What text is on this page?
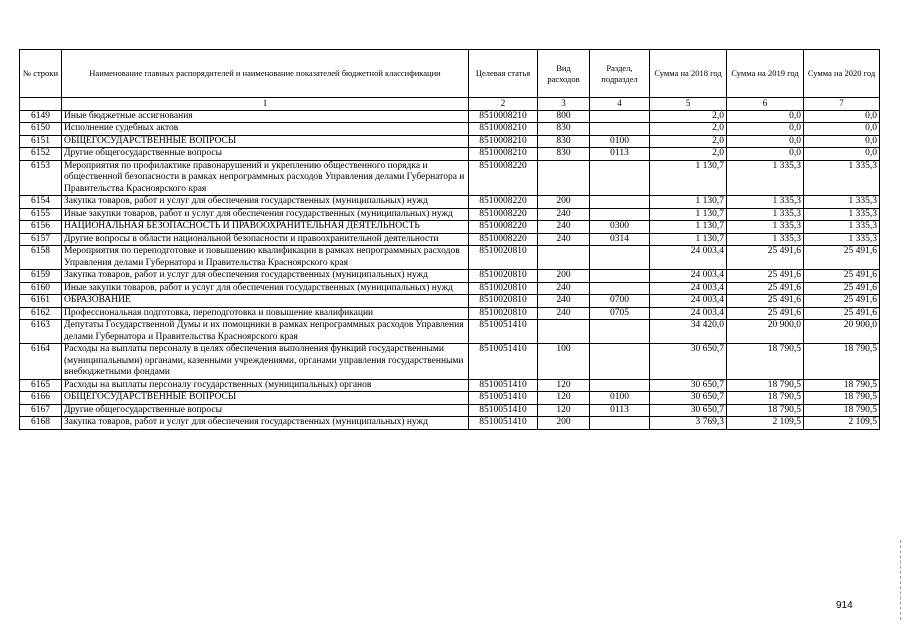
№ строки	Наименование главных распорядителей и наименование показателей бюджетной классификации	Целевая статья	Вид расходов	Раздел, подраздел	Сумма на 2018 год	Сумма на 2019 год	Сумма на 2020 год
	1	2	3	4	5	6	7
6149	Иные бюджетные ассигнования	8510008210	800		2,0	0,0	0,0
6150	Исполнение судебных актов	8510008210	830		2,0	0,0	0,0
6151	ОБЩЕГОСУДАРСТВЕННЫЕ ВОПРОСЫ	8510008210	830	0100	2,0	0,0	0,0
6152	Другие общегосударственные вопросы	8510008210	830	0113	2,0	0,0	0,0
6153	Мероприятия по профилактике правонарушений и укреплению общественного порядка и общественной безопасности в рамках непрограммных расходов Управления делами Губернатора и Правительства Красноярского края	8510008220			1 130,7	1 335,3	1 335,3
6154	Закупка товаров, работ и услуг для обеспечения государственных (муниципальных) нужд	8510008220	200		1 130,7	1 335,3	1 335,3
6155	Иные закупки товаров, работ и услуг для обеспечения государственных (муниципальных) нужд	8510008220	240		1 130,7	1 335,3	1 335,3
6156	НАЦИОНАЛЬНАЯ БЕЗОПАСНОСТЬ И ПРАВООХРАНИТЕЛЬНАЯ ДЕЯТЕЛЬНОСТЬ	8510008220	240	0300	1 130,7	1 335,3	1 335,3
6157	Другие вопросы в области национальной безопасности и правоохранительной деятельности	8510008220	240	0314	1 130,7	1 335,3	1 335,3
6158	Мероприятия по переподготовке и повышению квалификации в рамках непрограммных расходов Управления делами Губернатора и Правительства Красноярского края	8510020810			24 003,4	25 491,6	25 491,6
6159	Закупка товаров, работ и услуг для обеспечения государственных (муниципальных) нужд	8510020810	200		24 003,4	25 491,6	25 491,6
6160	Иные закупки товаров, работ и услуг для обеспечения государственных (муниципальных) нужд	8510020810	240		24 003,4	25 491,6	25 491,6
6161	ОБРАЗОВАНИЕ	8510020810	240	0700	24 003,4	25 491,6	25 491,6
6162	Профессиональная подготовка, переподготовка и повышение квалификации	8510020810	240	0705	24 003,4	25 491,6	25 491,6
6163	Депутаты Государственной Думы и их помощники в рамках непрограммных расходов Управления делами Губернатора и Правительства Красноярского края	8510051410			34 420,0	20 900,0	20 900,0
6164	Расходы на выплаты персоналу в целях обеспечения выполнения функций государственными (муниципальными) органами, казенными учреждениями, органами управления государственными внебюджетными фондами	8510051410	100		30 650,7	18 790,5	18 790,5
6165	Расходы на выплаты персоналу государственных (муниципальных) органов	8510051410	120		30 650,7	18 790,5	18 790,5
6166	ОБЩЕГОСУДАРСТВЕННЫЕ ВОПРОСЫ	8510051410	120	0100	30 650,7	18 790,5	18 790,5
6167	Другие общегосударственные вопросы	8510051410	120	0113	30 650,7	18 790,5	18 790,5
6168	Закупка товаров, работ и услуг для обеспечения государственных (муниципальных) нужд	8510051410	200		3 769,3	2 109,5	2 109,5
914
